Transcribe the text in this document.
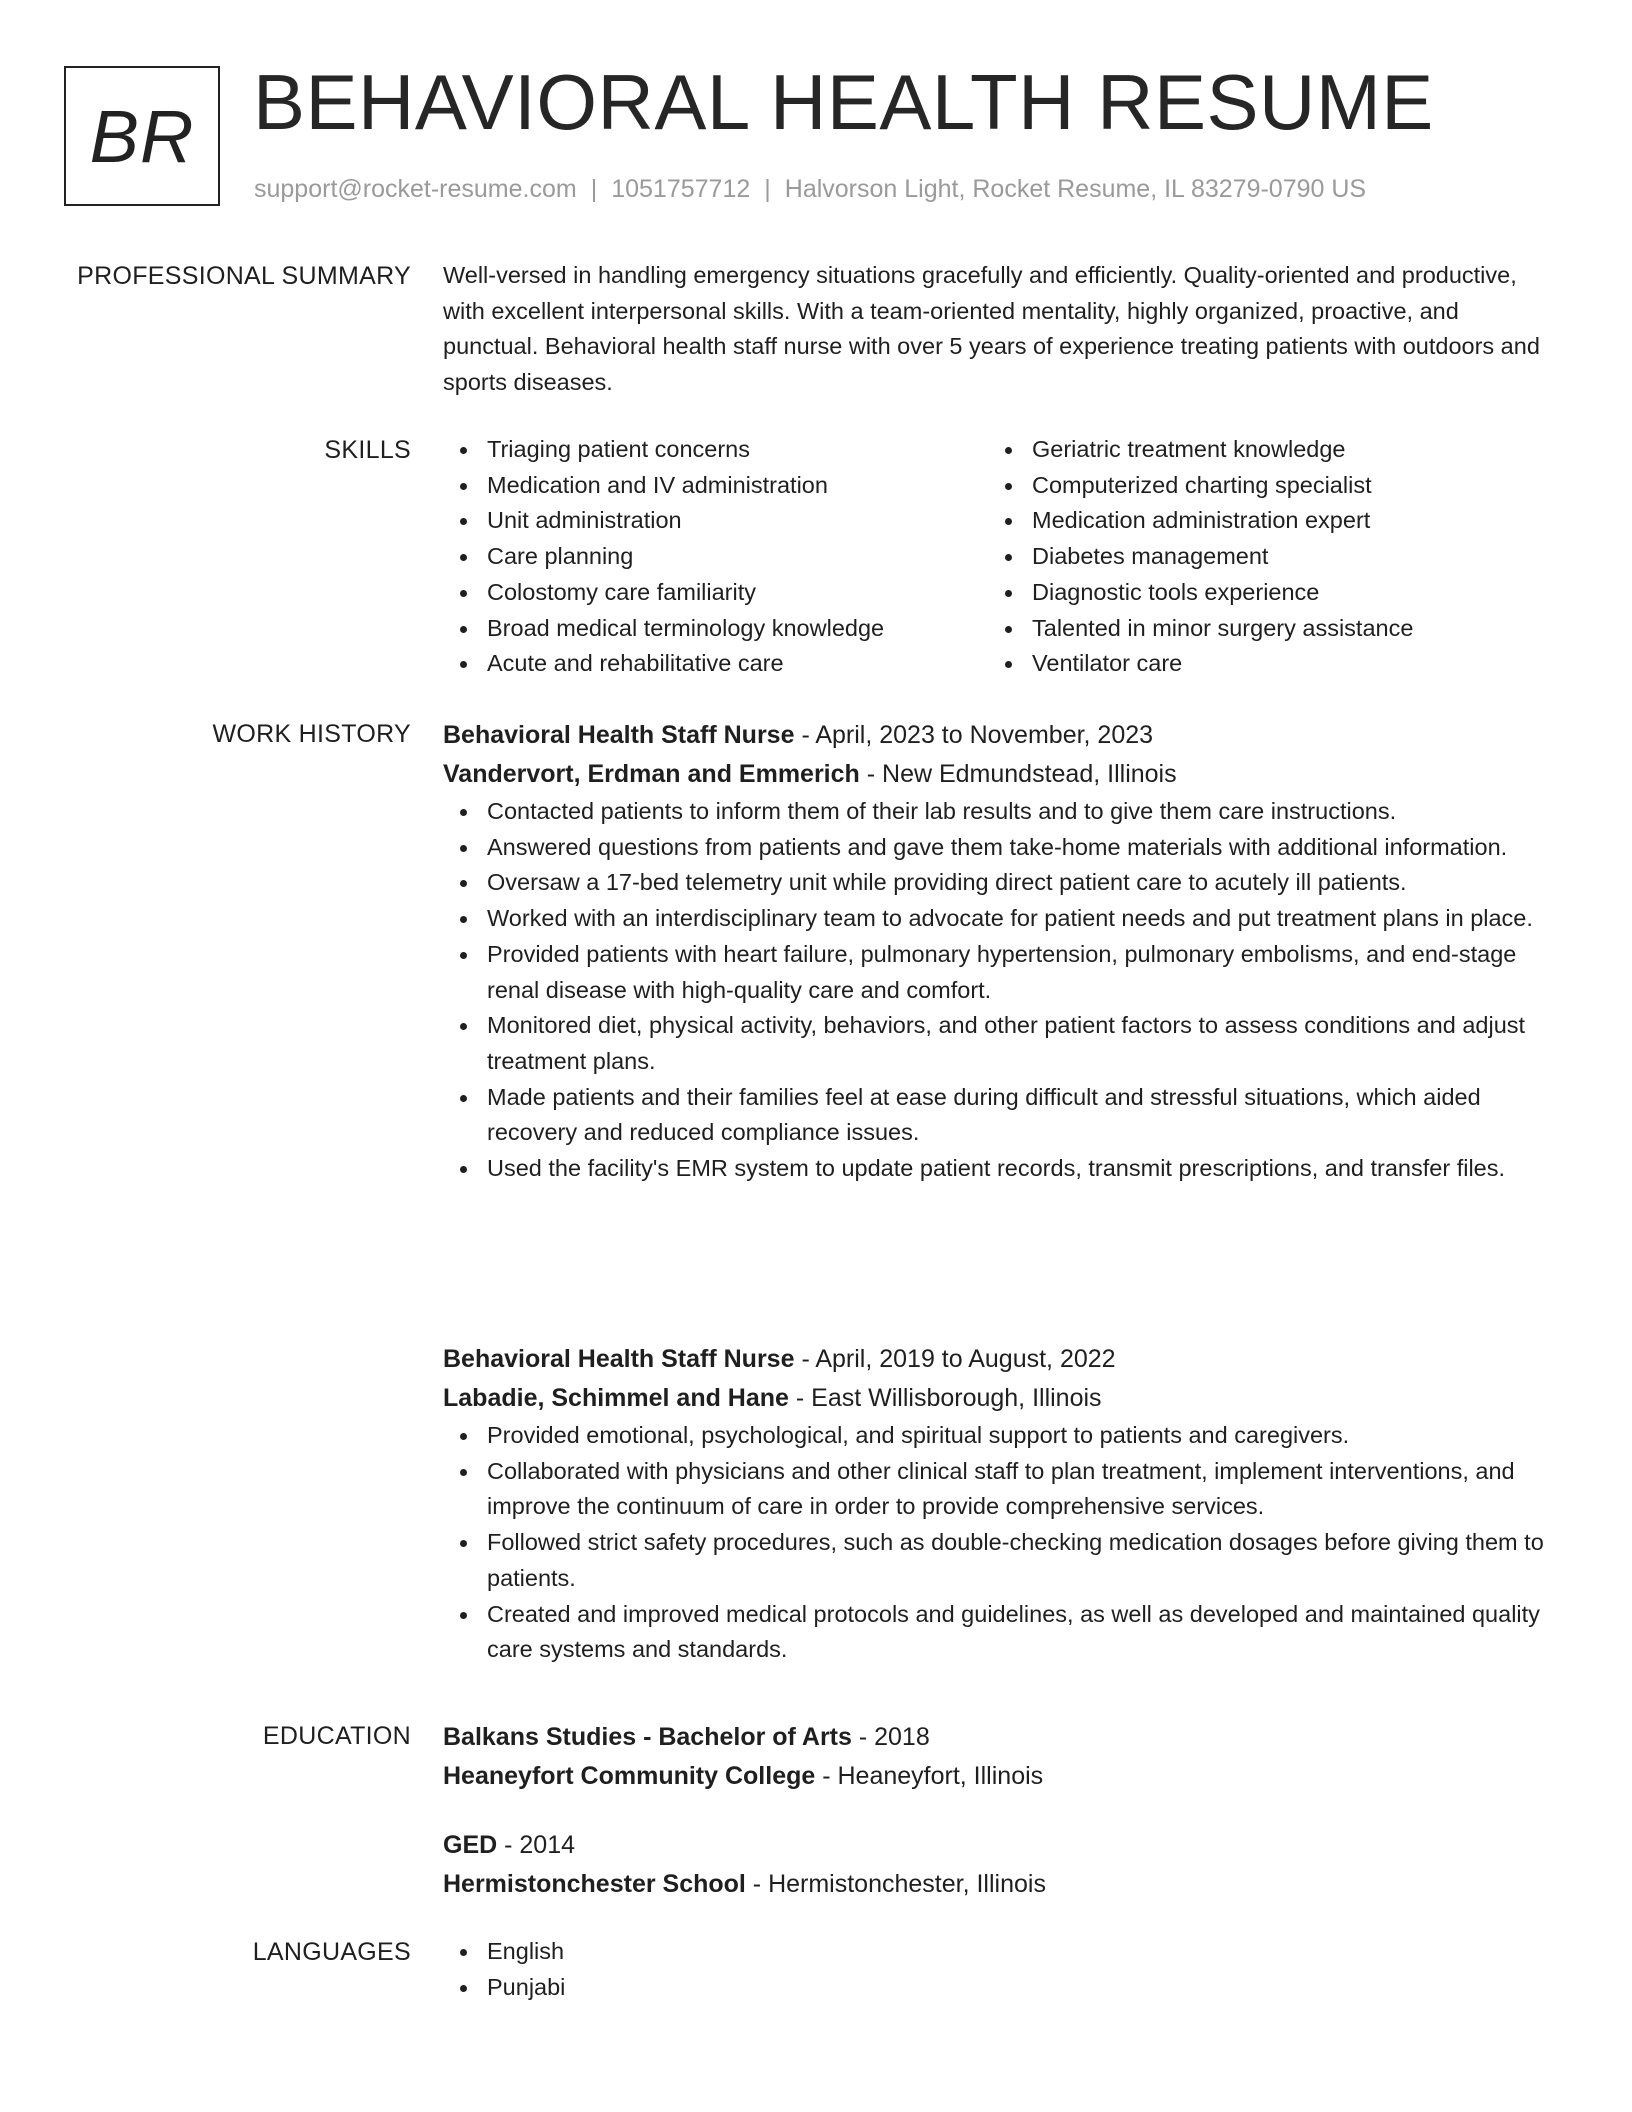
BR BEHAVIORAL HEALTH RESUME
support@rocket-resume.com | 1051757712 | Halvorson Light, Rocket Resume, IL 83279-0790 US
PROFESSIONAL SUMMARY Well-versed in handling emergency situations gracefully and efficiently. Quality-oriented and productive, with excellent interpersonal skills. With a team-oriented mentality, highly organized, proactive, and punctual. Behavioral health staff nurse with over 5 years of experience treating patients with outdoors and sports diseases.

SKILLS	Triaging patient concerns
Medication and IV administration
Unit administration
Care planning
Colostomy care familiarity
Broad medical terminology knowledge
Acute and rehabilitative care
Geriatric treatment knowledge
Computerized charting specialist
Medication administration expert
Diabetes management
Diagnostic tools experience
Talented in minor surgery assistance
Ventilator care
WORK HISTORY Behavioral Health Staff Nurse - April, 2023 to November, 2023
Vandervort, Erdman and Emmerich - New Edmundstead, Illinois
Contacted patients to inform them of their lab results and to give them care instructions.
Answered questions from patients and gave them take-home materials with additional information.
Oversaw a 17-bed telemetry unit while providing direct patient care to acutely ill patients.
Worked with an interdisciplinary team to advocate for patient needs and put treatment plans in place.
Provided patients with heart failure, pulmonary hypertension, pulmonary embolisms, and end-stage renal disease with high-quality care and comfort.
Monitored diet, physical activity, behaviors, and other patient factors to assess conditions and adjust treatment plans.
Made patients and their families feel at ease during difficult and stressful situations, which aided recovery and reduced compliance issues.
Used the facility's EMR system to update patient records, transmit prescriptions, and transfer files.
Behavioral Health Staff Nurse - April, 2019 to August, 2022
Labadie, Schimmel and Hane - East Willisborough, Illinois
Provided emotional, psychological, and spiritual support to patients and caregivers.
Collaborated with physicians and other clinical staff to plan treatment, implement interventions, and improve the continuum of care in order to provide comprehensive services.
Followed strict safety procedures, such as double-checking medication dosages before giving them to patients.
Created and improved medical protocols and guidelines, as well as developed and maintained quality care systems and standards.
EDUCATION Balkans Studies - Bachelor of Arts - 2018
Heaneyfort Community College - Heaneyfort, Illinois
GED - 2014
Hermistonchester School - Hermistonchester, Illinois
LANGUAGES	English
Punjabi
